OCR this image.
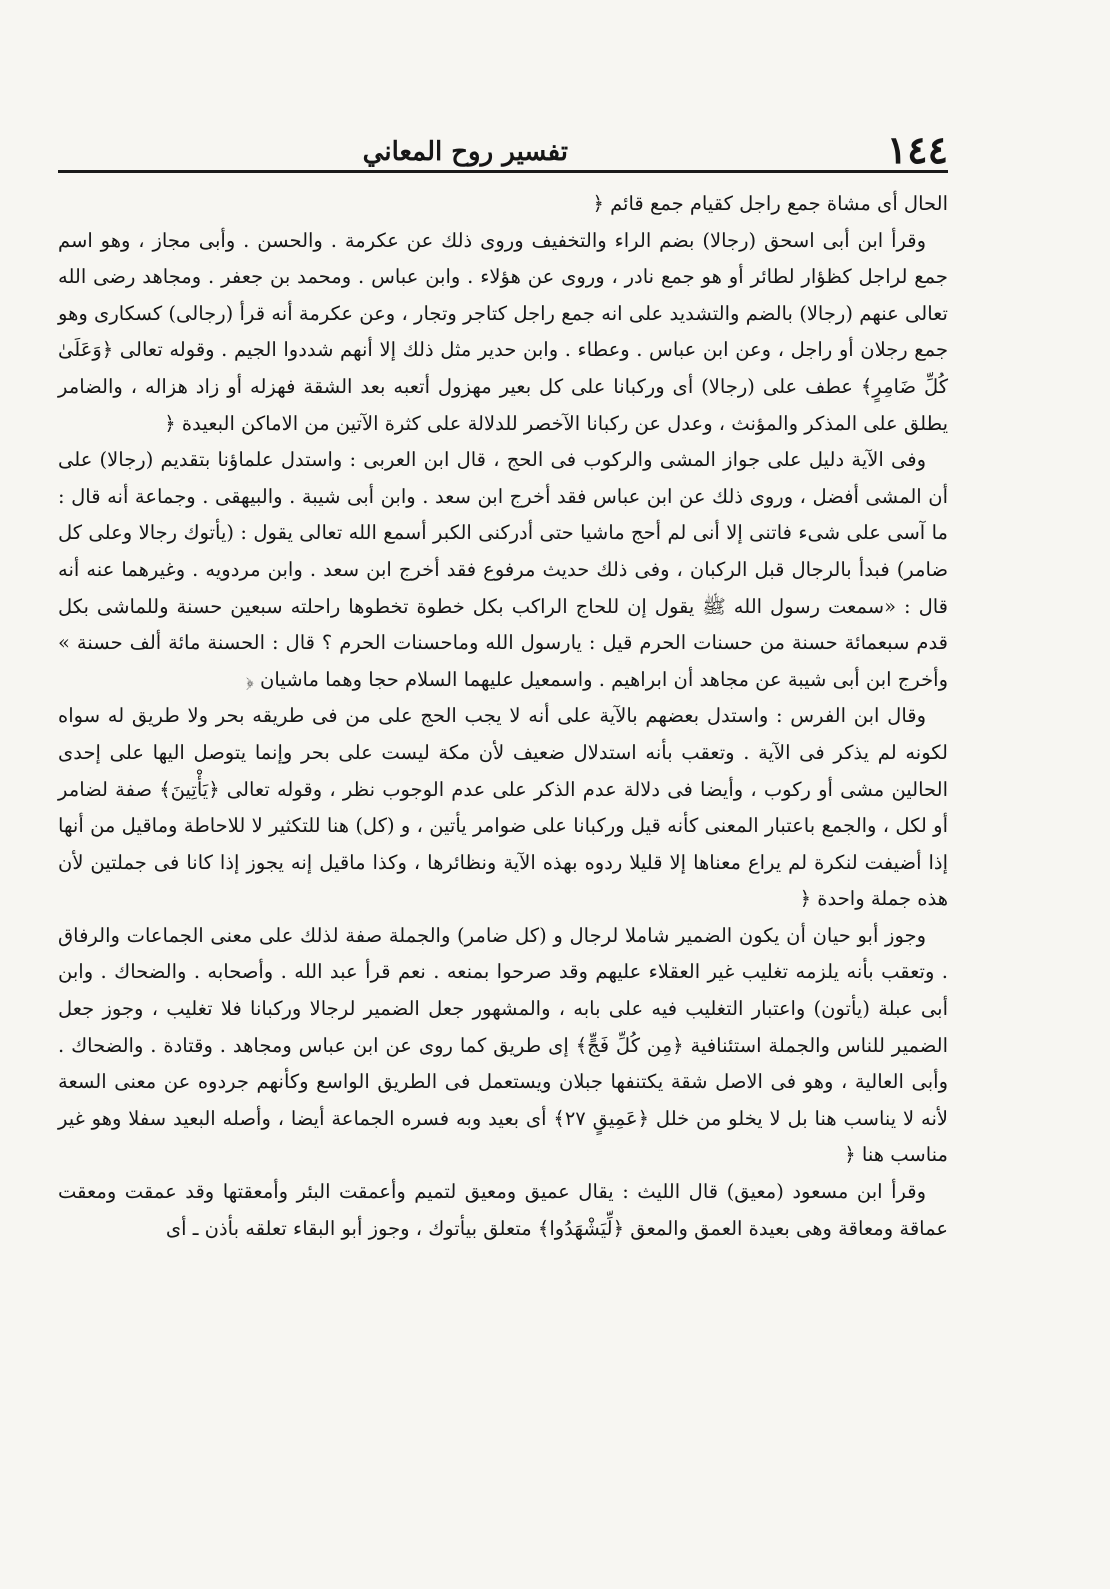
١٤٤
تفسير روح المعاني

الحال أى مشاة جمع راجل كقيام جمع قائم ﴿

وقرأ ابن أبى اسحق (رجالا) بضم الراء والتخفيف وروى ذلك عن عكرمة . والحسن . وأبى مجاز ، وهو اسم جمع لراجل كظؤار لطائر أو هو جمع نادر ، وروى عن هؤلاء . وابن عباس . ومحمد بن جعفر . ومجاهد رضى الله تعالى عنهم (رجالا) بالضم والتشديد على انه جمع راجل كتاجر وتجار ، وعن عكرمة أنه قرأ (رجالى) كسكارى وهو جمع رجلان أو راجل ، وعن ابن عباس . وعطاء . وابن حدير مثل ذلك إلا أنهم شددوا الجيم . وقوله تعالى ﴿وَعَلَىٰ كُلِّ ضَامِرٍ﴾ عطف على (رجالا) أى وركبانا على كل بعير مهزول أتعبه بعد الشقة فهزله أو زاد هزاله ، والضامر يطلق على المذكر والمؤنث ، وعدل عن ركبانا الآخصر للدلالة على كثرة الآتين من الاماكن البعيدة ﴿

وفى الآية دليل على جواز المشى والركوب فى الحج ، قال ابن العربى : واستدل علماؤنا بتقديم (رجالا) على أن المشى أفضل ، وروى ذلك عن ابن عباس فقد أخرج ابن سعد . وابن أبى شيبة . والبيهقى . وجماعة أنه قال : ما آسى على شىء فاتنى إلا أنى لم أحج ماشيا حتى أدركنى الكبر أسمع الله تعالى يقول : (يأتوك رجالا وعلى كل ضامر) فبدأ بالرجال قبل الركبان ، وفى ذلك حديث مرفوع فقد أخرج ابن سعد . وابن مردويه . وغيرهما عنه أنه قال : «سمعت رسول الله ﷺ يقول إن للحاج الراكب بكل خطوة تخطوها راحلته سبعين حسنة وللماشى بكل قدم سبعمائة حسنة من حسنات الحرم قيل : يارسول الله وماحسنات الحرم ؟ قال : الحسنة مائة ألف حسنة » وأخرج ابن أبى شيبة عن مجاهد أن ابراهيم . واسمعيل عليهما السلام حجا وهما ماشيان ﴿

وقال ابن الفرس : واستدل بعضهم بالآية على أنه لا يجب الحج على من فى طريقه بحر ولا طريق له سواه لكونه لم يذكر فى الآية . وتعقب بأنه استدلال ضعيف لأن مكة ليست على بحر وإنما يتوصل اليها على إحدى الحالين مشى أو ركوب ، وأيضا فى دلالة عدم الذكر على عدم الوجوب نظر ، وقوله تعالى ﴿يَأْتِينَ﴾ صفة لضامر أو لكل ، والجمع باعتبار المعنى كأنه قيل وركبانا على ضوامر يأتين ، و (كل) هنا للتكثير لا للاحاطة وماقيل من أنها إذا أضيفت لنكرة لم يراع معناها إلا قليلا ردوه بهذه الآية ونظائرها ، وكذا ماقيل إنه يجوز إذا كانا فى جملتين لأن هذه جملة واحدة ﴿

وجوز أبو حيان أن يكون الضمير شاملا لرجال و (كل ضامر) والجملة صفة لذلك على معنى الجماعات والرفاق . وتعقب بأنه يلزمه تغليب غير العقلاء عليهم وقد صرحوا بمنعه . نعم قرأ عبد الله . وأصحابه . والضحاك . وابن أبى عبلة (يأتون) واعتبار التغليب فيه على بابه ، والمشهور جعل الضمير لرجالا وركبانا فلا تغليب ، وجوز جعل الضمير للناس والجملة استئنافية ﴿مِن كُلِّ فَجٍّ﴾ إى طريق كما روى عن ابن عباس ومجاهد . وقتادة . والضحاك . وأبى العالية ، وهو فى الاصل شقة يكتنفها جبلان ويستعمل فى الطريق الواسع وكأنهم جردوه عن معنى السعة لأنه لا يناسب هنا بل لا يخلو من خلل ﴿عَمِيقٍ ٢٧﴾ أى بعيد وبه فسره الجماعة أيضا ، وأصله البعيد سفلا وهو غير مناسب هنا ﴿

وقرأ ابن مسعود (معيق) قال الليث : يقال عميق ومعيق لتميم وأعمقت البئر وأمعقتها وقد عمقت ومعقت عماقة ومعاقة وهى بعيدة العمق والمعق ﴿لِّيَشْهَدُوا﴾ متعلق بيأتوك ، وجوز أبو البقاء تعلقه بأذن ـ أى
